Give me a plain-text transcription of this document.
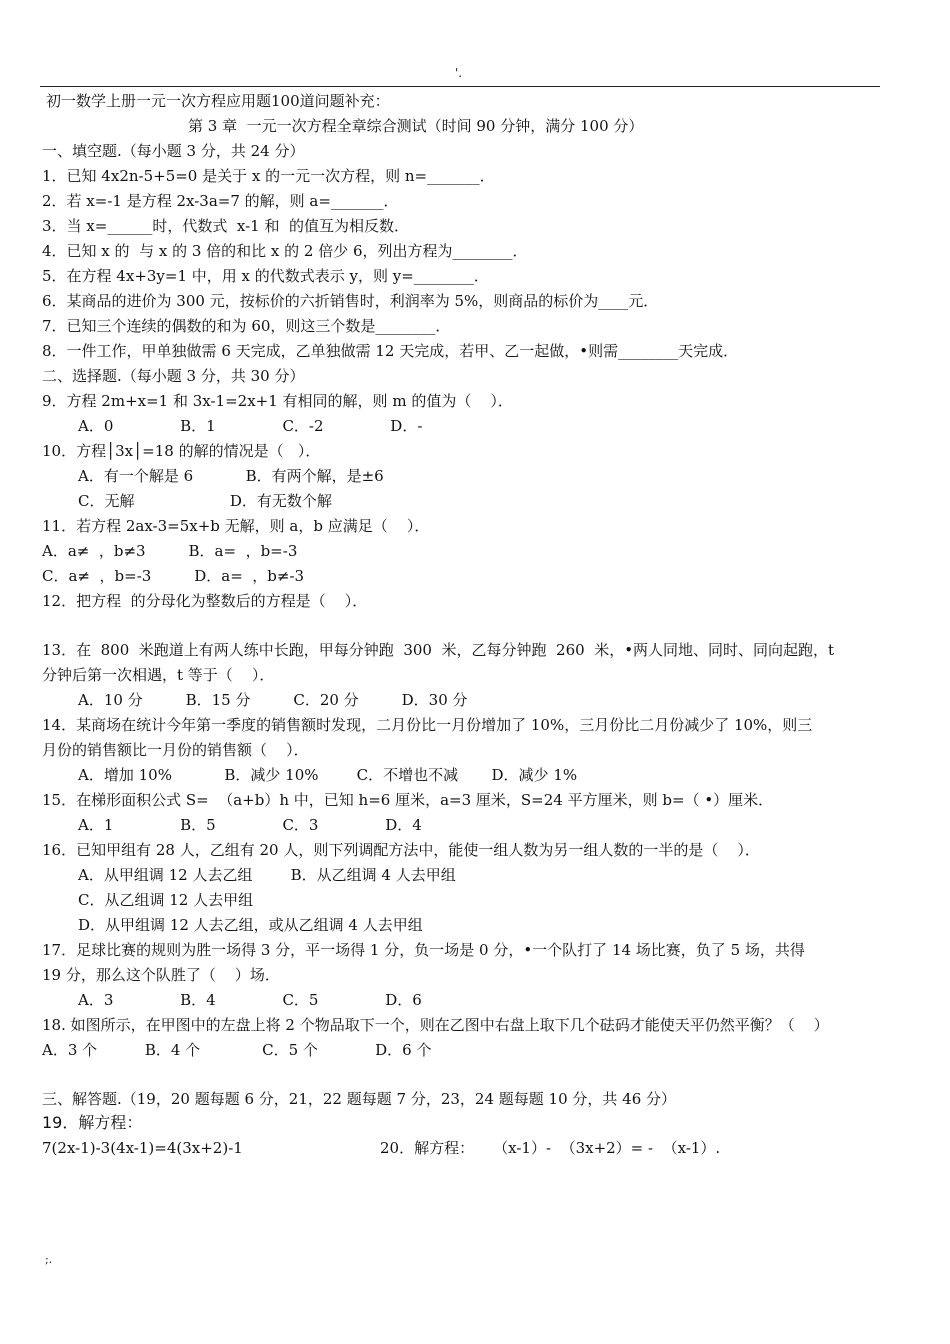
'.
初一数学上册一元一次方程应用题100道问题补充：
第 3 章  一元一次方程全章综合测试（时间 90 分钟，满分 100 分）
一、填空题.（每小题 3 分，共 24 分）
1．已知 4x2n-5+5=0 是关于 x 的一元一次方程，则 n=_______．
2．若 x=-1 是方程 2x-3a=7 的解，则 a=_______．
3．当 x=______时，代数式  x-1 和  的值互为相反数．
4．已知 x 的  与 x 的 3 倍的和比 x 的 2 倍少 6，列出方程为________．
5．在方程 4x+3y=1 中，用 x 的代数式表示 y，则 y=________．
6．某商品的进价为 300 元，按标价的六折销售时，利润率为 5%，则商品的标价为____元．
7．已知三个连续的偶数的和为 60，则这三个数是________．
8．一件工作，甲单独做需 6 天完成，乙单独做需 12 天完成，若甲、乙一起做，•则需________天完成．
二、选择题.（每小题 3 分，共 30 分）
9．方程 2m+x=1 和 3x-1=2x+1 有相同的解，则 m 的值为（    ）．
A．0              B．1              C．-2              D．-
10．方程│3x│=18 的解的情况是（   ）．
A．有一个解是 6           B．有两个解，是±6
C．无解                    D．有无数个解
11．若方程 2ax-3=5x+b 无解，则 a，b 应满足（    ）．
A．a≠  ，b≠3         B．a=  ，b=-3
C．a≠  ，b=-3         D．a=  ，b≠-3
12．把方程  的分母化为整数后的方程是（    ）．
13．在  800  米跑道上有两人练中长跑，甲每分钟跑  300  米，乙每分钟跑  260  米，•两人同地、同时、同向起跑，t
分钟后第一次相遇，t 等于（    ）．
A．10 分         B．15 分         C．20 分         D．30 分
14．某商场在统计今年第一季度的销售额时发现，二月份比一月份增加了 10%，三月份比二月份减少了 10%，则三
月份的销售额比一月份的销售额（    ）．
A．增加 10%           B．减少 10%        C．不增也不减       D．减少 1%
15．在梯形面积公式 S=  （a+b）h 中，已知 h=6 厘米，a=3 厘米，S=24 平方厘米，则 b=（ •）厘米．
A．1              B．5              C．3              D．4
16．已知甲组有 28 人，乙组有 20 人，则下列调配方法中，能使一组人数为另一组人数的一半的是（    ）．
A．从甲组调 12 人去乙组        B．从乙组调 4 人去甲组
C．从乙组调 12 人去甲组
D．从甲组调 12 人去乙组，或从乙组调 4 人去甲组
17．足球比赛的规则为胜一场得 3 分，平一场得 1 分，负一场是 0 分，•一个队打了 14 场比赛，负了 5 场，共得
19 分，那么这个队胜了（    ）场．
A．3              B．4              C．5              D．6
18. 如图所示，在甲图中的左盘上将 2 个物品取下一个，则在乙图中右盘上取下几个砝码才能使天平仍然平衡？（    ）
A．3 个          B．4 个             C．5 个            D．6 个
三、解答题.（19，20 题每题 6 分，21，22 题每题 7 分，23，24 题每题 10 分，共 46 分）
19．解方程：
7(2x-1)-3(4x-1)=4(3x+2)-1	20．解方程：    （x-1）-  （3x+2）= -  （x-1）.
;.
